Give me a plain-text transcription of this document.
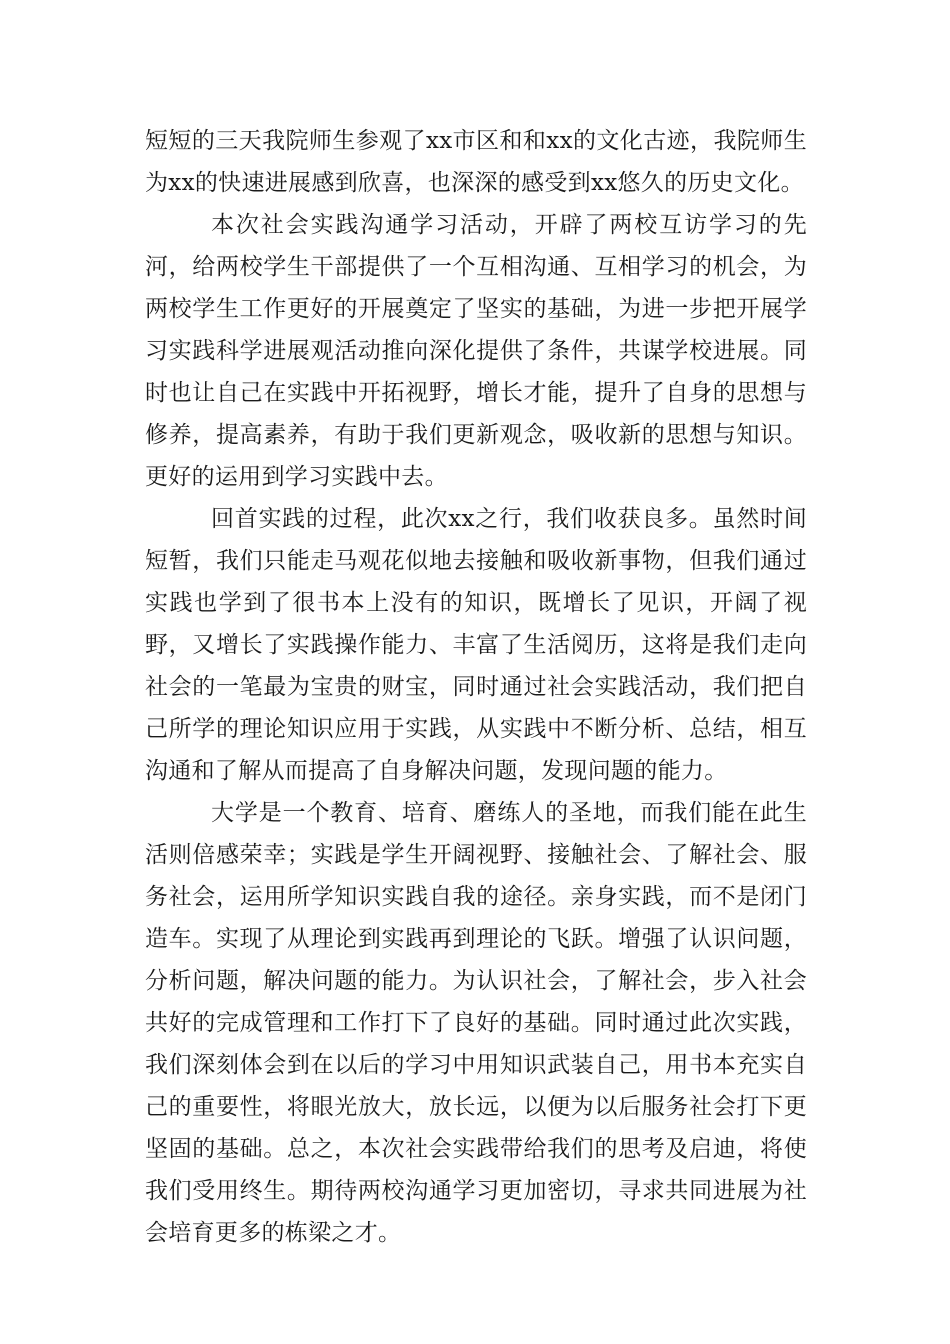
短短的三天我院师生参观了xx市区和和xx的文化古迹，我院师生为xx的快速进展感到欣喜，也深深的感受到xx悠久的历史文化。

本次社会实践沟通学习活动，开辟了两校互访学习的先河，给两校学生干部提供了一个互相沟通、互相学习的机会，为两校学生工作更好的开展奠定了坚实的基础，为进一步把开展学习实践科学进展观活动推向深化提供了条件，共谋学校进展。同时也让自己在实践中开拓视野，增长才能，提升了自身的思想与修养，提高素养，有助于我们更新观念，吸收新的思想与知识。更好的运用到学习实践中去。

回首实践的过程，此次xx之行，我们收获良多。虽然时间短暂，我们只能走马观花似地去接触和吸收新事物，但我们通过实践也学到了很书本上没有的知识，既增长了见识，开阔了视野，又增长了实践操作能力、丰富了生活阅历，这将是我们走向社会的一笔最为宝贵的财宝，同时通过社会实践活动，我们把自己所学的理论知识应用于实践，从实践中不断分析、总结，相互沟通和了解从而提高了自身解决问题，发现问题的能力。

大学是一个教育、培育、磨练人的圣地，而我们能在此生活则倍感荣幸；实践是学生开阔视野、接触社会、了解社会、服务社会，运用所学知识实践自我的途径。亲身实践，而不是闭门造车。实现了从理论到实践再到理论的飞跃。增强了认识问题，分析问题，解决问题的能力。为认识社会，了解社会，步入社会共好的完成管理和工作打下了良好的基础。同时通过此次实践，我们深刻体会到在以后的学习中用知识武装自己，用书本充实自己的重要性，将眼光放大，放长远，以便为以后服务社会打下更坚固的基础。总之，本次社会实践带给我们的思考及启迪，将使我们受用终生。期待两校沟通学习更加密切，寻求共同进展为社会培育更多的栋梁之才。
